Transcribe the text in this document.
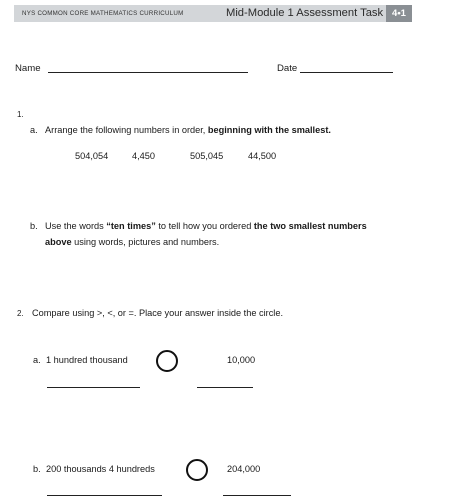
NYS COMMON CORE MATHEMATICS CURRICULUM	Mid-Module 1 Assessment Task 4•1
Name	Date
1.
a. Arrange the following numbers in order, beginning with the smallest.
504,054	4,450	505,045	44,500
b. Use the words “ten times” to tell how you ordered the two smallest numbers
above using words, pictures and numbers.
2. Compare using >, <, or =. Place your answer inside the circle.
a. 1 hundred thousand	10,000
b. 200 thousands 4 hundreds	204,000
